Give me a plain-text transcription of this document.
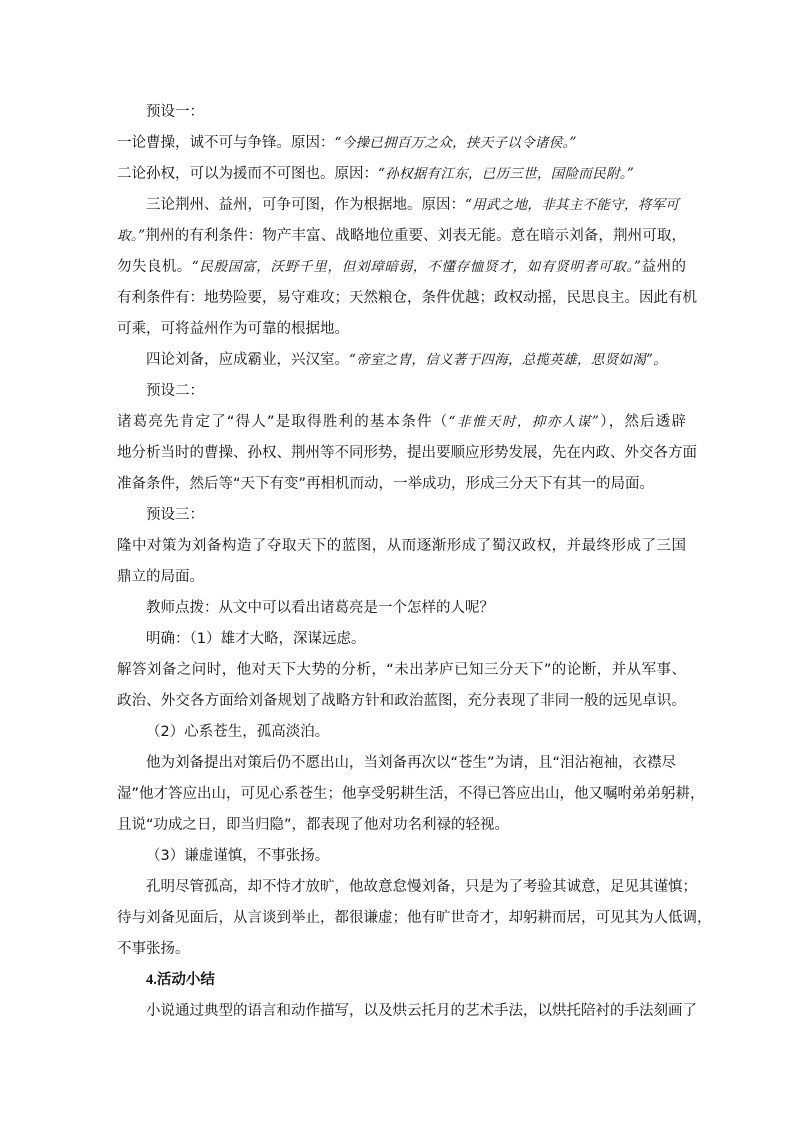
预设一：
一论曹操，诚不可与争锋。原因：“今操已拥百万之众，挟天子以令诸侯。”
二论孙权，可以为援而不可图也。原因：“孙权据有江东，已历三世，国险而民附。”
三论荆州、益州，可争可图，作为根据地。原因：“用武之地，非其主不能守，将军可
取。”荆州的有利条件：物产丰富、战略地位重要、刘表无能。意在暗示刘备，荆州可取，
勿失良机。“民殷国富，沃野千里，但刘璋暗弱，不懂存恤贤才，如有贤明者可取。”益州的
有利条件有：地势险要，易守难攻；天然粮仓，条件优越；政权动摇，民思良主。因此有机
可乘，可将益州作为可靠的根据地。
四论刘备，应成霸业，兴汉室。“帝室之胄，信义著于四海，总揽英雄，思贤如渴”。
预设二：
诸葛亮先肯定了“得人”是取得胜利的基本条件（“非惟天时，抑亦人谋”），然后透辟
地分析当时的曹操、孙权、荆州等不同形势，提出要顺应形势发展，先在内政、外交各方面
准备条件，然后等“天下有变”再相机而动，一举成功，形成三分天下有其一的局面。
预设三：
隆中对策为刘备构造了夺取天下的蓝图，从而逐渐形成了蜀汉政权，并最终形成了三国
鼎立的局面。
教师点拨：从文中可以看出诸葛亮是一个怎样的人呢？
明确：（1）雄才大略，深谋远虑。
解答刘备之问时，他对天下大势的分析，“未出茅庐已知三分天下”的论断，并从军事、
政治、外交各方面给刘备规划了战略方针和政治蓝图，充分表现了非同一般的远见卓识。
（2）心系苍生，孤高淡泊。
他为刘备提出对策后仍不愿出山，当刘备再次以“苍生”为请，且“泪沾袍袖，衣襟尽
湿”他才答应出山，可见心系苍生；他享受躬耕生活，不得已答应出山，他又嘱咐弟弟躬耕，
且说“功成之日，即当归隐”，都表现了他对功名利禄的轻视。
（3）谦虚谨慎，不事张扬。
孔明尽管孤高，却不恃才放旷，他故意怠慢刘备，只是为了考验其诚意，足见其谨慎；
待与刘备见面后，从言谈到举止，都很谦虚；他有旷世奇才，却躬耕而居，可见其为人低调，
不事张扬。
4.活动小结
小说通过典型的语言和动作描写，以及烘云托月的艺术手法，以烘托陪衬的手法刻画了
